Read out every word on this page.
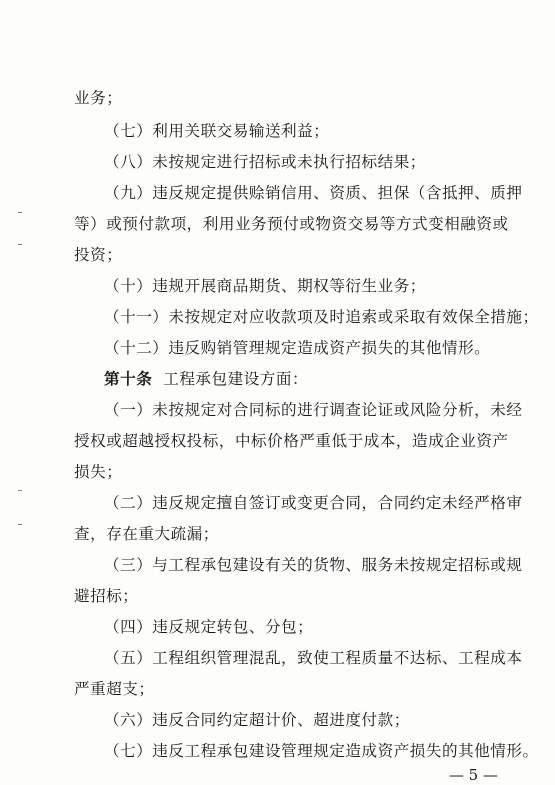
业务；
（七）利用关联交易输送利益；
（八）未按规定进行招标或未执行招标结果；
（九）违反规定提供赊销信用、资质、担保（含抵押、质押
等）或预付款项，利用业务预付或物资交易等方式变相融资或
投资；
（十）违规开展商品期货、期权等衍生业务；
（十一）未按规定对应收款项及时追索或采取有效保全措施；
（十二）违反购销管理规定造成资产损失的其他情形。
第十条 工程承包建设方面：
（一）未按规定对合同标的进行调查论证或风险分析，未经
授权或超越授权投标，中标价格严重低于成本，造成企业资产
损失；
（二）违反规定擅自签订或变更合同，合同约定未经严格审
查，存在重大疏漏；
（三）与工程承包建设有关的货物、服务未按规定招标或规
避招标；
（四）违反规定转包、分包；
（五）工程组织管理混乱，致使工程质量不达标、工程成本
严重超支；
（六）违反合同约定超计价、超进度付款；
（七）违反工程承包建设管理规定造成资产损失的其他情形。
— 5 —
